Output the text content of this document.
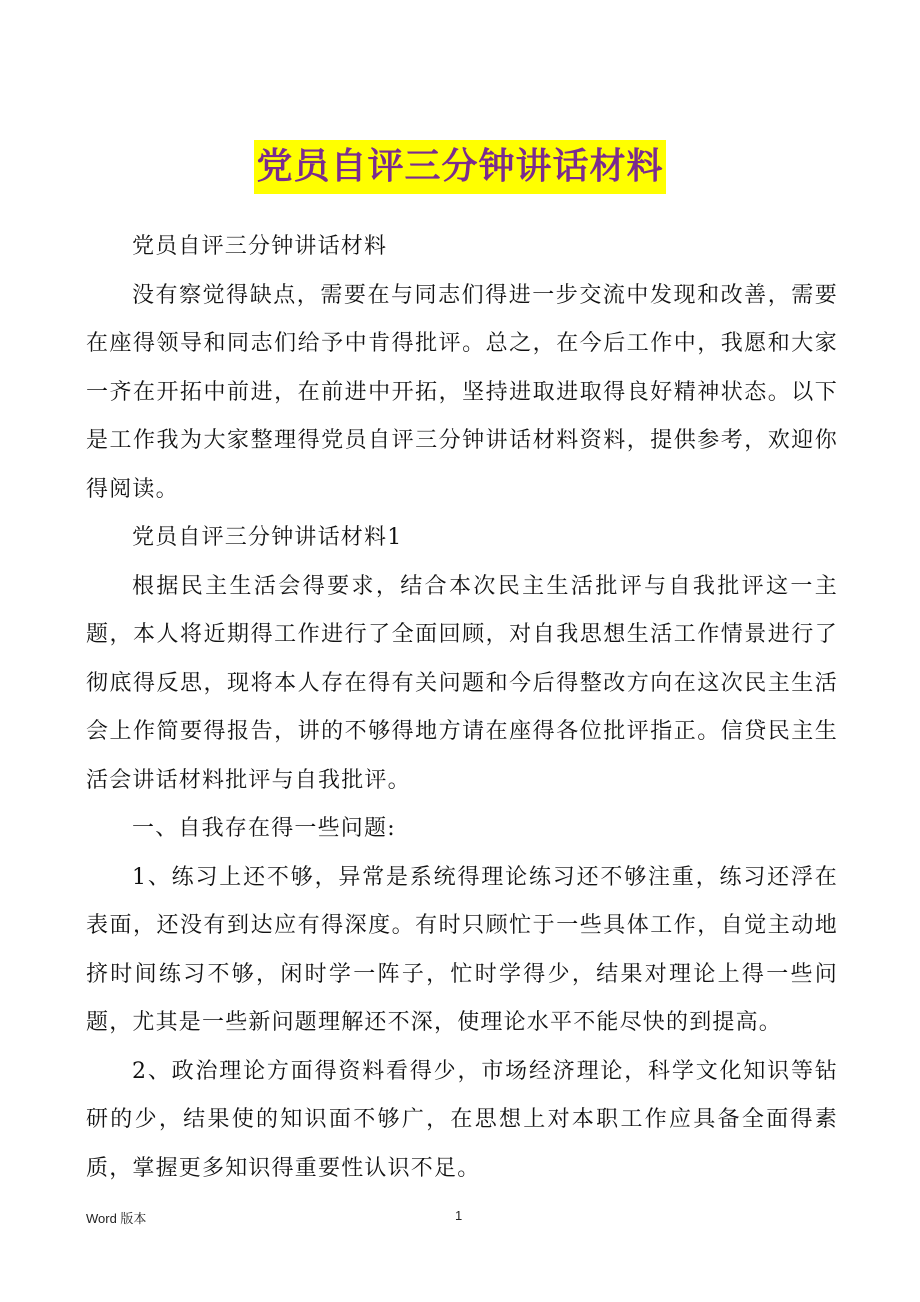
党员自评三分钟讲话材料

党员自评三分钟讲话材料

没有察觉得缺点，需要在与同志们得进一步交流中发现和改善，需要在座得领导和同志们给予中肯得批评。总之，在今后工作中，我愿和大家一齐在开拓中前进，在前进中开拓，坚持进取进取得良好精神状态。以下是工作我为大家整理得党员自评三分钟讲话材料资料，提供参考，欢迎你得阅读。

党员自评三分钟讲话材料1

根据民主生活会得要求，结合本次民主生活批评与自我批评这一主题，本人将近期得工作进行了全面回顾，对自我思想生活工作情景进行了彻底得反思，现将本人存在得有关问题和今后得整改方向在这次民主生活会上作简要得报告，讲的不够得地方请在座得各位批评指正。信贷民主生活会讲话材料批评与自我批评。

一、自我存在得一些问题:

1、练习上还不够，异常是系统得理论练习还不够注重，练习还浮在表面，还没有到达应有得深度。有时只顾忙于一些具体工作，自觉主动地挤时间练习不够，闲时学一阵子，忙时学得少，结果对理论上得一些问题，尤其是一些新问题理解还不深，使理论水平不能尽快的到提高。

2、政治理论方面得资料看得少，市场经济理论，科学文化知识等钻研的少，结果使的知识面不够广，在思想上对本职工作应具备全面得素质，掌握更多知识得重要性认识不足。

Word 版本	1
